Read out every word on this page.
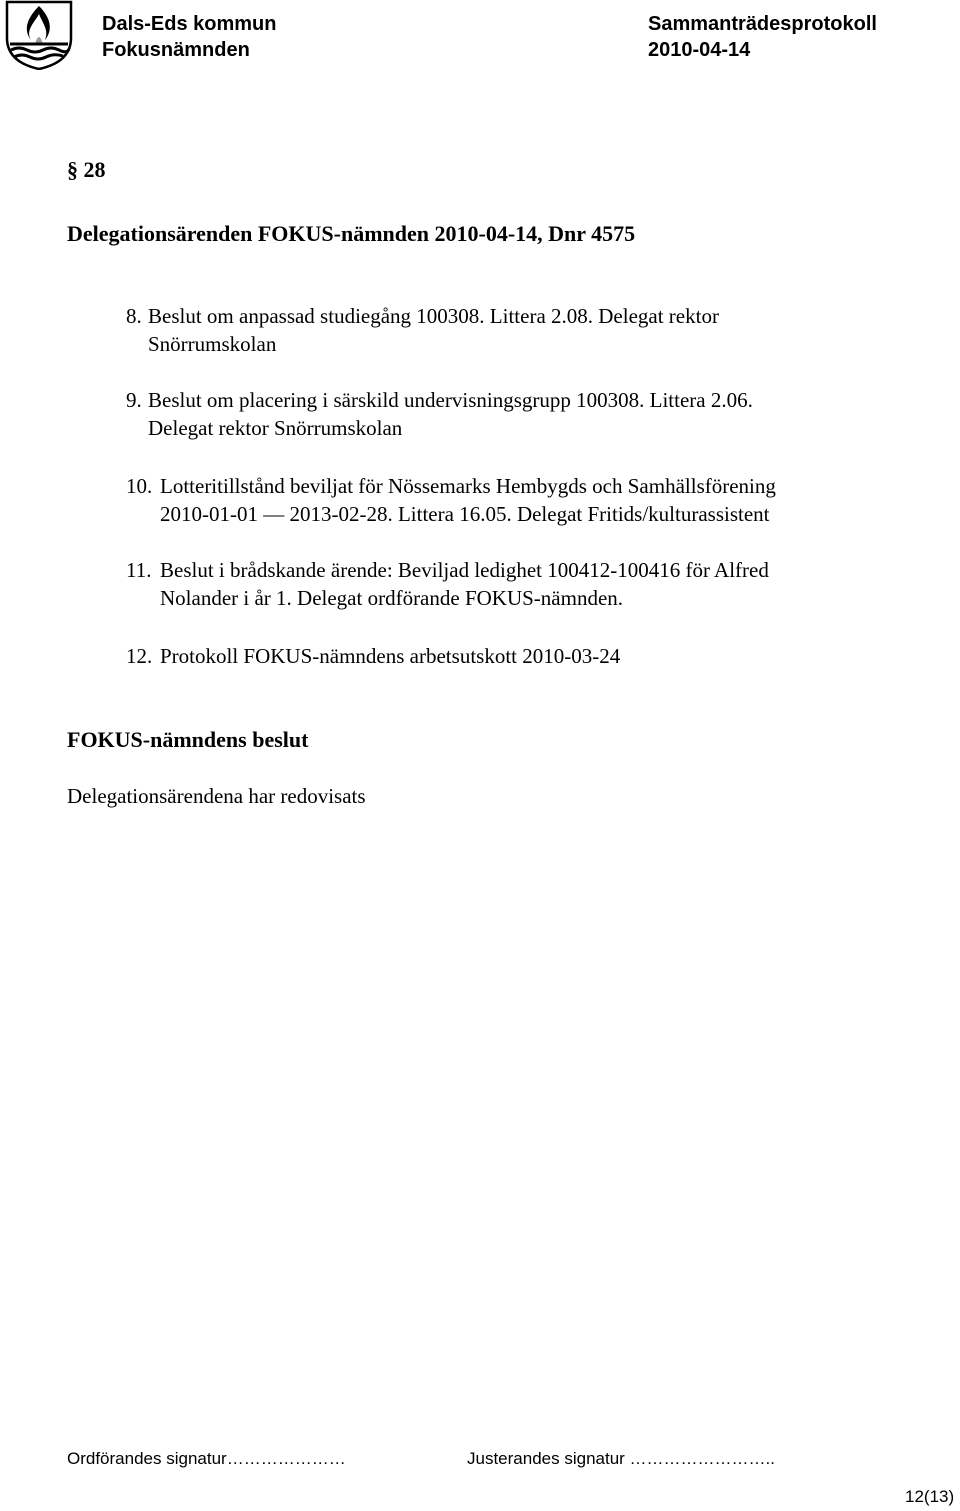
Dals-Eds kommun
Fokusnämnden
Sammanträdesprotokoll
2010-04-14
§ 28
Delegationsärenden FOKUS-nämnden 2010-04-14, Dnr 4575
8. Beslut om anpassad studiegång 100308. Littera 2.08. Delegat rektor
Snörrumskolan
9. Beslut om placering i särskild undervisningsgrupp 100308. Littera 2.06.
Delegat rektor Snörrumskolan
10. Lotteritillstånd beviljat för Nössemarks Hembygds och Samhällsförening
2010-01-01 — 2013-02-28. Littera 16.05. Delegat Fritids/kulturassistent
11. Beslut i brådskande ärende: Beviljad ledighet 100412-100416 för Alfred
Nolander i år 1. Delegat ordförande FOKUS-nämnden.
12. Protokoll FOKUS-nämndens arbetsutskott 2010-03-24
FOKUS-nämndens beslut
Delegationsärendena har redovisats
Ordförandes signatur…………………	Justerandes signatur ……………………..
12(13)
